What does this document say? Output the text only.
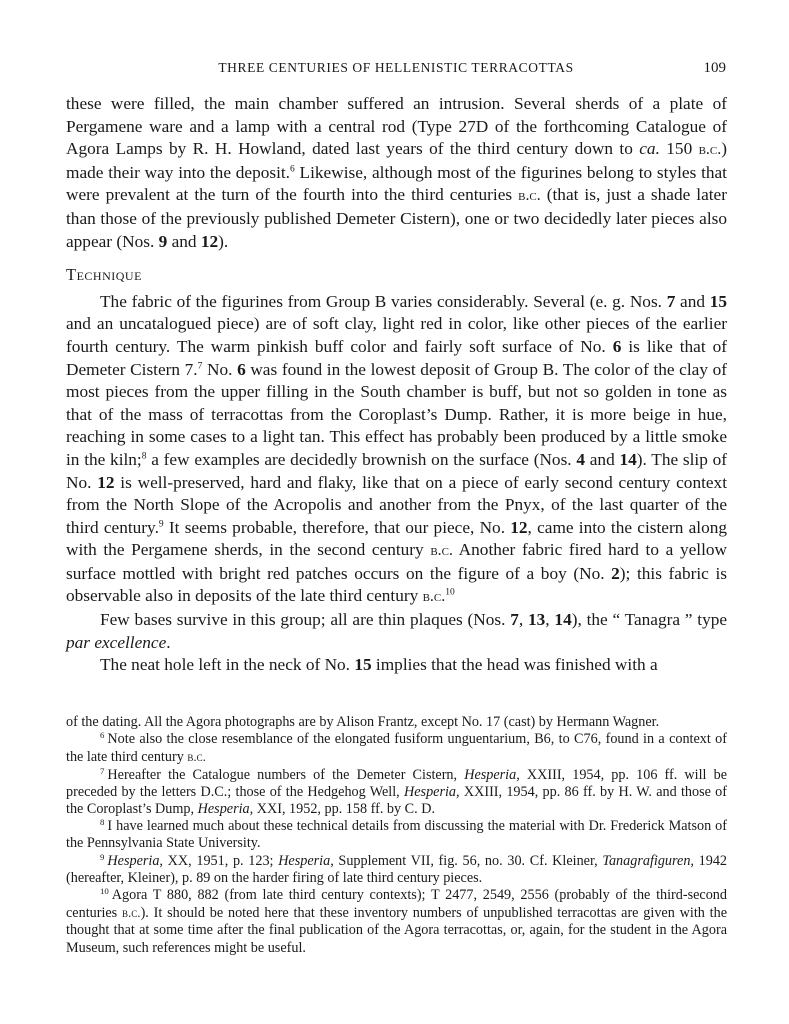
THREE CENTURIES OF HELLENISTIC TERRACOTTAS	109

these were filled, the main chamber suffered an intrusion. Several sherds of a plate of Pergamene ware and a lamp with a central rod (Type 27D of the forthcoming Catalogue of Agora Lamps by R. H. Howland, dated last years of the third century down to ca. 150 b.c.) made their way into the deposit.$^6$ Likewise, although most of the figurines belong to styles that were prevalent at the turn of the fourth into the third centuries b.c. (that is, just a shade later than those of the previously published Demeter Cistern), one or two decidedly later pieces also appear (Nos. 9 and 12).

Technique

The fabric of the figurines from Group B varies considerably. Several (e. g. Nos. 7 and 15 and an uncatalogued piece) are of soft clay, light red in color, like other pieces of the earlier fourth century. The warm pinkish buff color and fairly soft surface of No. 6 is like that of Demeter Cistern 7.$^7$ No. 6 was found in the lowest deposit of Group B. The color of the clay of most pieces from the upper filling in the South chamber is buff, but not so golden in tone as that of the mass of terracottas from the Coroplast’s Dump. Rather, it is more beige in hue, reaching in some cases to a light tan. This effect has probably been produced by a little smoke in the kiln;$^8$ a few examples are decidedly brownish on the surface (Nos. 4 and 14). The slip of No. 12 is well-preserved, hard and flaky, like that on a piece of early second century context from the North Slope of the Acropolis and another from the Pnyx, of the last quarter of the third century.$^9$ It seems probable, therefore, that our piece, No. 12, came into the cistern along with the Pergamene sherds, in the second century b.c. Another fabric fired hard to a yellow surface mottled with bright red patches occurs on the figure of a boy (No. 2); this fabric is observable also in deposits of the late third century b.c.$^{10}$

Few bases survive in this group; all are thin plaques (Nos. 7, 13, 14), the “ Tanagra ” type par excellence.

The neat hole left in the neck of No. 15 implies that the head was finished with a

of the dating. All the Agora photographs are by Alison Frantz, except No. 17 (cast) by Hermann Wagner.

$^6$ Note also the close resemblance of the elongated fusiform unguentarium, B6, to C76, found in a context of the late third century b.c.

$^7$ Hereafter the Catalogue numbers of the Demeter Cistern, Hesperia, XXIII, 1954, pp. 106 ff. will be preceded by the letters D.C.; those of the Hedgehog Well, Hesperia, XXIII, 1954, pp. 86 ff. by H. W. and those of the Coroplast’s Dump, Hesperia, XXI, 1952, pp. 158 ff. by C. D.

$^8$ I have learned much about these technical details from discussing the material with Dr. Frederick Matson of the Pennsylvania State University.

$^9$ Hesperia, XX, 1951, p. 123; Hesperia, Supplement VII, fig. 56, no. 30. Cf. Kleiner, Tanagrafiguren, 1942 (hereafter, Kleiner), p. 89 on the harder firing of late third century pieces.

$^{10}$ Agora T 880, 882 (from late third century contexts); T 2477, 2549, 2556 (probably of the third-second centuries b.c.). It should be noted here that these inventory numbers of unpublished terracottas are given with the thought that at some time after the final publication of the Agora terracottas, or, again, for the student in the Agora Museum, such references might be useful.
